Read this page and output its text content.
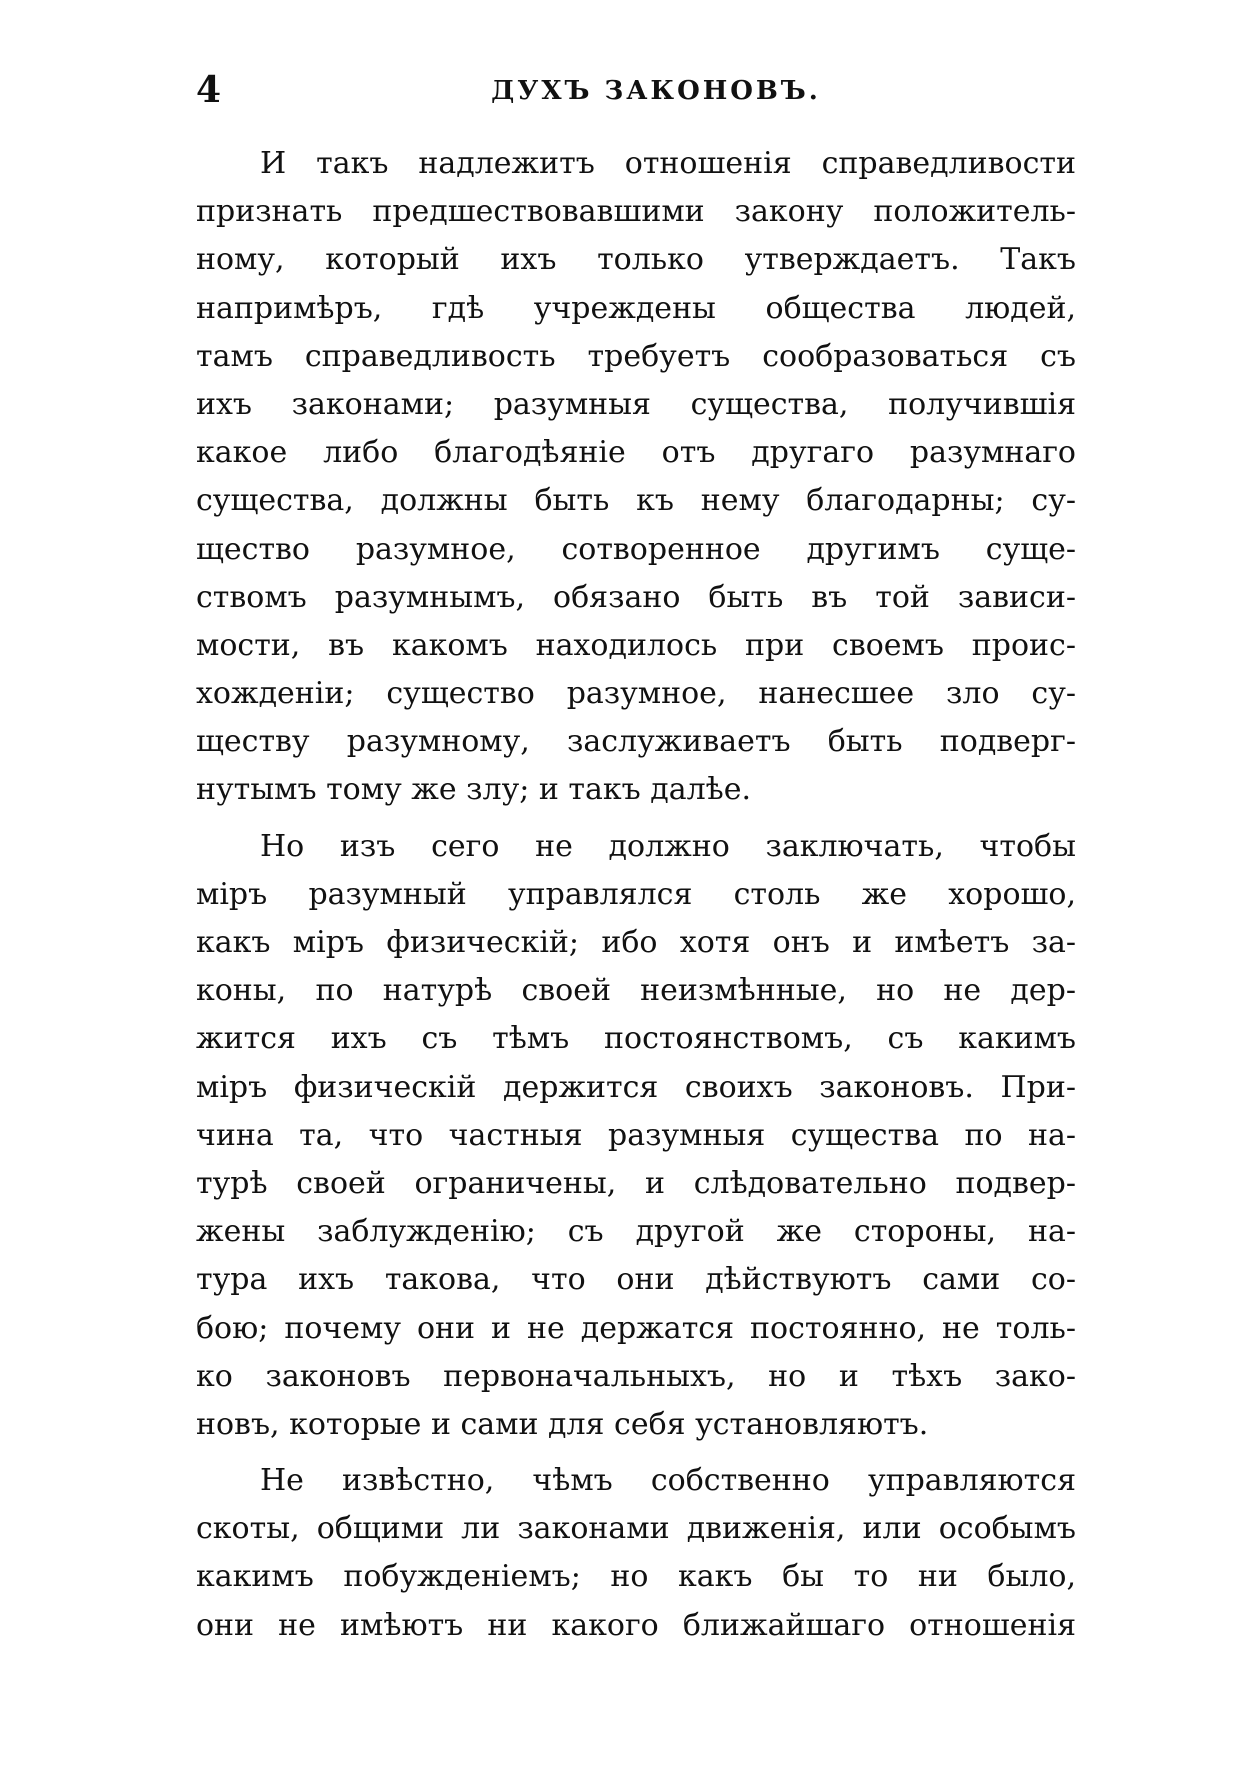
4	ДУХЪ ЗАКОНОВЪ.
И такъ надлежитъ отношенія справедливости
признать предшествовавшими закону положитель-
ному, который ихъ только утверждаетъ. Такъ
напримѣръ, гдѣ учреждены общества людей,
тамъ справедливость требуетъ сообразоваться съ
ихъ законами; разумныя существа, получившія
какое либо благодѣяніе отъ другаго разумнаго
существа, должны быть къ нему благодарны; су-
щество разумное, сотворенное другимъ суще-
ствомъ разумнымъ, обязано быть въ той зависи-
мости, въ какомъ находилось при своемъ проис-
хожденіи; существо разумное, нанесшее зло су-
ществу разумному, заслуживаетъ быть подверг-
нутымъ тому же злу; и такъ далѣе.
Но изъ сего не должно заключать, чтобы
міръ разумный управлялся столь же хорошо,
какъ міръ физическій; ибо хотя онъ и имѣетъ за-
коны, по натурѣ своей неизмѣнные, но не дер-
жится ихъ съ тѣмъ постоянствомъ, съ какимъ
міръ физическій держится своихъ законовъ. При-
чина та, что частныя разумныя существа по на-
турѣ своей ограничены, и слѣдовательно подвер-
жены заблужденію; съ другой же стороны, на-
тура ихъ такова, что они дѣйствуютъ сами со-
бою; почему они и не держатся постоянно, не толь-
ко законовъ первоначальныхъ, но и тѣхъ зако-
новъ, которые и сами для себя установляютъ.
Не извѣстно, чѣмъ собственно управляются
скоты, общими ли законами движенія, или особымъ
какимъ побужденіемъ; но какъ бы то ни было,
они не имѣютъ ни какого ближайшаго отношенія
